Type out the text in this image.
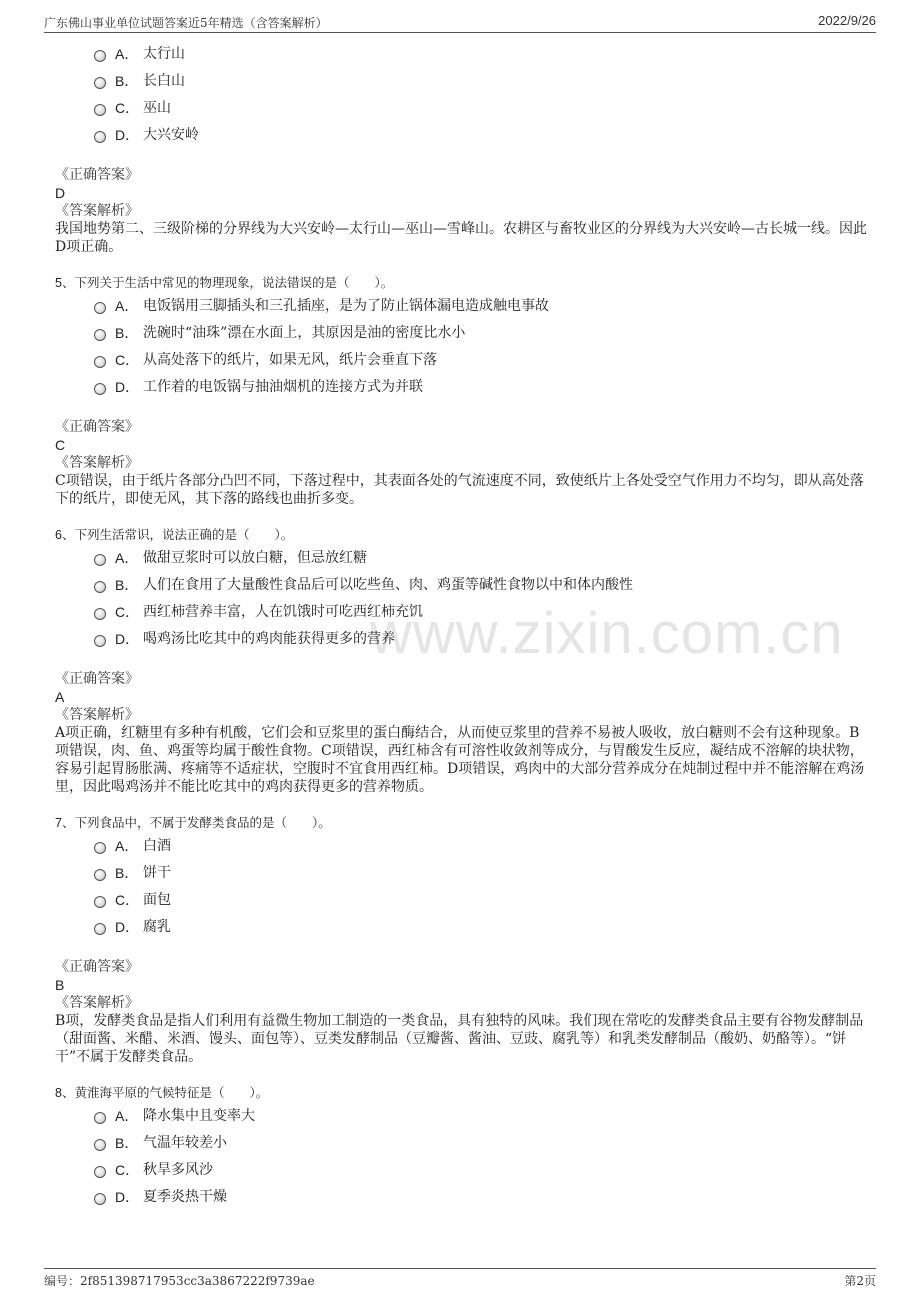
广东佛山事业单位试题答案近5年精选（含答案解析）	2022/9/26
www.zixin.com.cn
A． 太行山
B． 长白山
C． 巫山
D． 大兴安岭
《正确答案》
D
《答案解析》

我国地势第二、三级阶梯的分界线为大兴安岭—太行山—巫山—雪峰山。农耕区与畜牧业区的分界线为大兴安岭—古长城一线。因此D项正确。

5、下列关于生活中常见的物理现象，说法错误的是（　　）。

A． 电饭锅用三脚插头和三孔插座，是为了防止锅体漏电造成触电事故
B． 洗碗时“油珠”漂在水面上，其原因是油的密度比水小
C． 从高处落下的纸片，如果无风，纸片会垂直下落
D． 工作着的电饭锅与抽油烟机的连接方式为并联
《正确答案》
C
《答案解析》

C项错误，由于纸片各部分凸凹不同，下落过程中，其表面各处的气流速度不同，致使纸片上各处受空气作用力不均匀，即从高处落下的纸片，即使无风，其下落的路线也曲折多变。

6、下列生活常识，说法正确的是（　　）。

A． 做甜豆浆时可以放白糖，但忌放红糖
B． 人们在食用了大量酸性食品后可以吃些鱼、肉、鸡蛋等碱性食物以中和体内酸性
C． 西红柿营养丰富，人在饥饿时可吃西红柿充饥
D． 喝鸡汤比吃其中的鸡肉能获得更多的营养
《正确答案》
A
《答案解析》

A项正确，红糖里有多种有机酸，它们会和豆浆里的蛋白酶结合，从而使豆浆里的营养不易被人吸收，放白糖则不会有这种现象。B项错误，肉、鱼、鸡蛋等均属于酸性食物。C项错误，西红柿含有可溶性收敛剂等成分，与胃酸发生反应，凝结成不溶解的块状物，容易引起胃肠胀满、疼痛等不适症状，空腹时不宜食用西红柿。D项错误，鸡肉中的大部分营养成分在炖制过程中并不能溶解在鸡汤里，因此喝鸡汤并不能比吃其中的鸡肉获得更多的营养物质。

7、下列食品中，不属于发酵类食品的是（　　）。

A． 白酒
B． 饼干
C． 面包
D． 腐乳
《正确答案》
B
《答案解析》

B项，发酵类食品是指人们利用有益微生物加工制造的一类食品，具有独特的风味。我们现在常吃的发酵类食品主要有谷物发酵制品（甜面酱、米醋、米酒、馒头、面包等）、豆类发酵制品（豆瓣酱、酱油、豆豉、腐乳等）和乳类发酵制品（酸奶、奶酪等）。“饼干”不属于发酵类食品。

8、黄淮海平原的气候特征是（　　）。

A． 降水集中且变率大
B． 气温年较差小
C． 秋旱多风沙
D． 夏季炎热干燥
编号：2f851398717953cc3a3867222f9739ae	第2页
